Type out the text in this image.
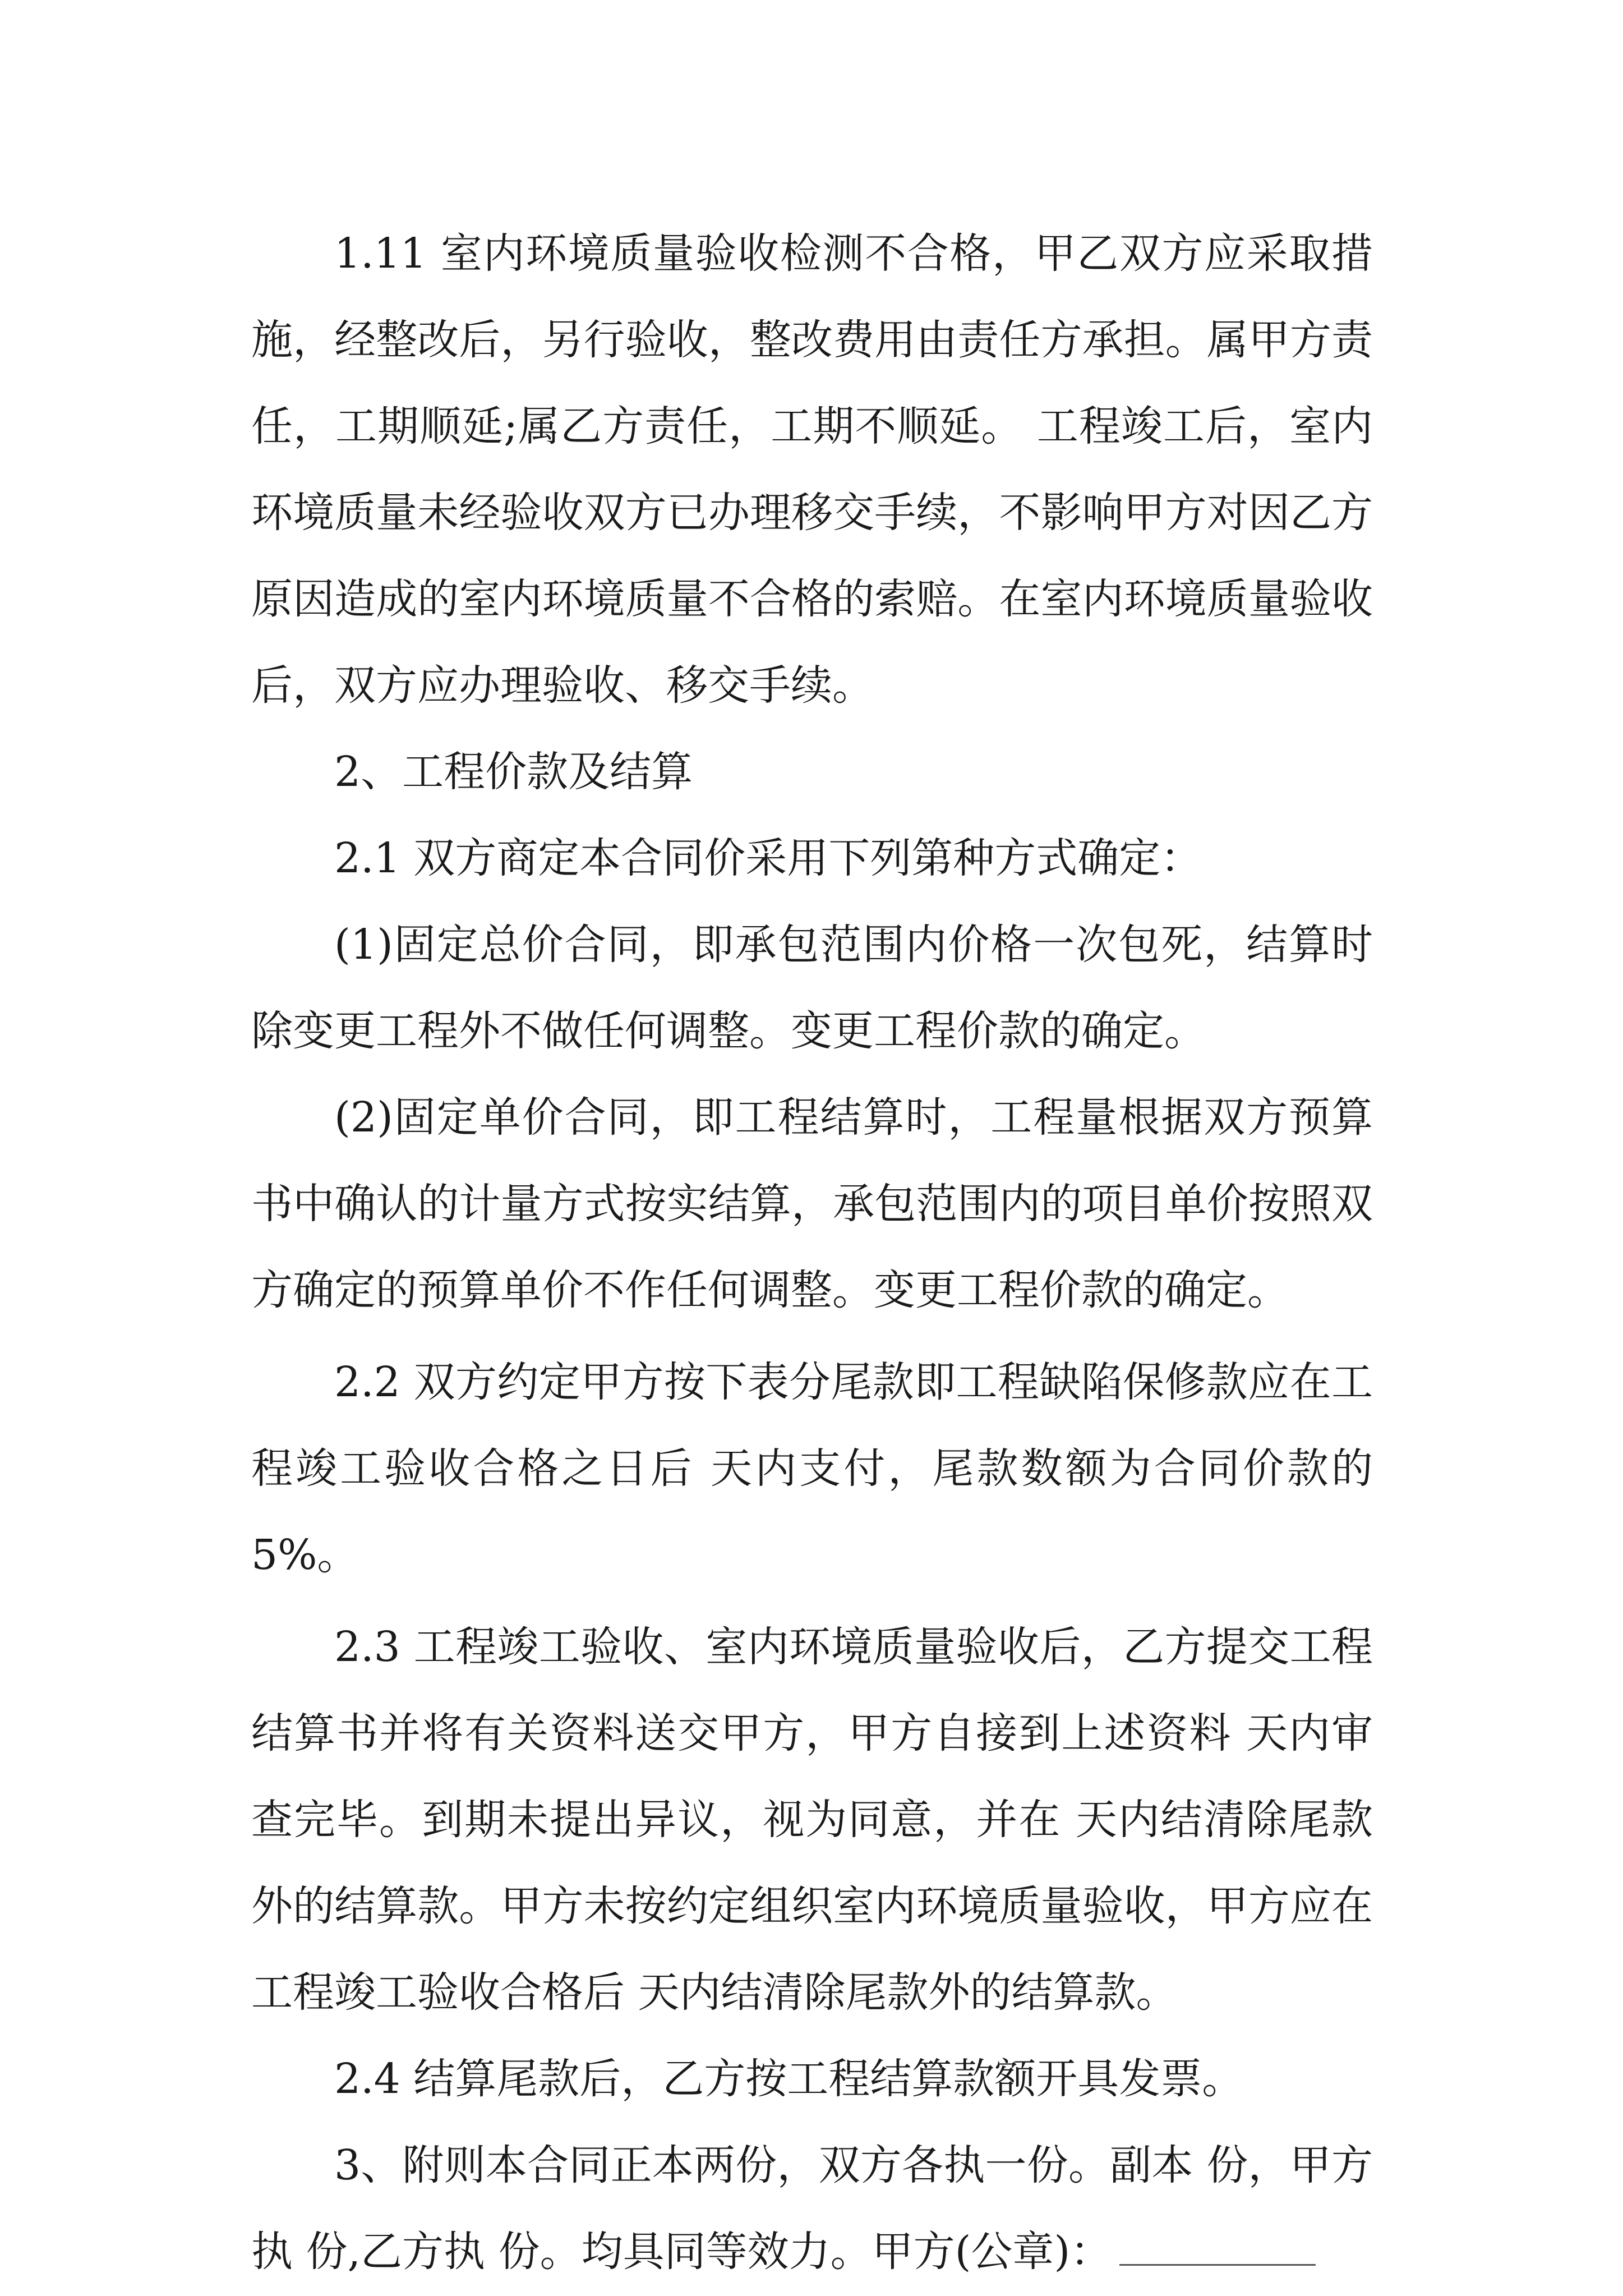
1.11 室内环境质量验收检测不合格，甲乙双方应采取措施，经整改后，另行验收，整改费用由责任方承担。属甲方责任，工期顺延;属乙方责任，工期不顺延。 工程竣工后，室内环境质量未经验收双方已办理移交手续，不影响甲方对因乙方原因造成的室内环境质量不合格的索赔。在室内环境质量验收后，双方应办理验收、移交手续。

2、工程价款及结算

2.1 双方商定本合同价采用下列第种方式确定：

(1)固定总价合同，即承包范围内价格一次包死，结算时除变更工程外不做任何调整。变更工程价款的确定。

(2)固定单价合同，即工程结算时，工程量根据双方预算书中确认的计量方式按实结算，承包范围内的项目单价按照双方确定的预算单价不作任何调整。变更工程价款的确定。

2.2 双方约定甲方按下表分尾款即工程缺陷保修款应在工程竣工验收合格之日后 天内支付，尾款数额为合同价款的 5%。

2.3 工程竣工验收、室内环境质量验收后，乙方提交工程结算书并将有关资料送交甲方，甲方自接到上述资料 天内审查完毕。到期未提出异议，视为同意，并在 天内结清除尾款外的结算款。甲方未按约定组织室内环境质量验收，甲方应在工程竣工验收合格后 天内结清除尾款外的结算款。

2.4 结算尾款后，乙方按工程结算款额开具发票。

3、附则本合同正本两份，双方各执一份。副本 份，甲方执 份,乙方执 份。均具同等效力。甲方(公章)：
